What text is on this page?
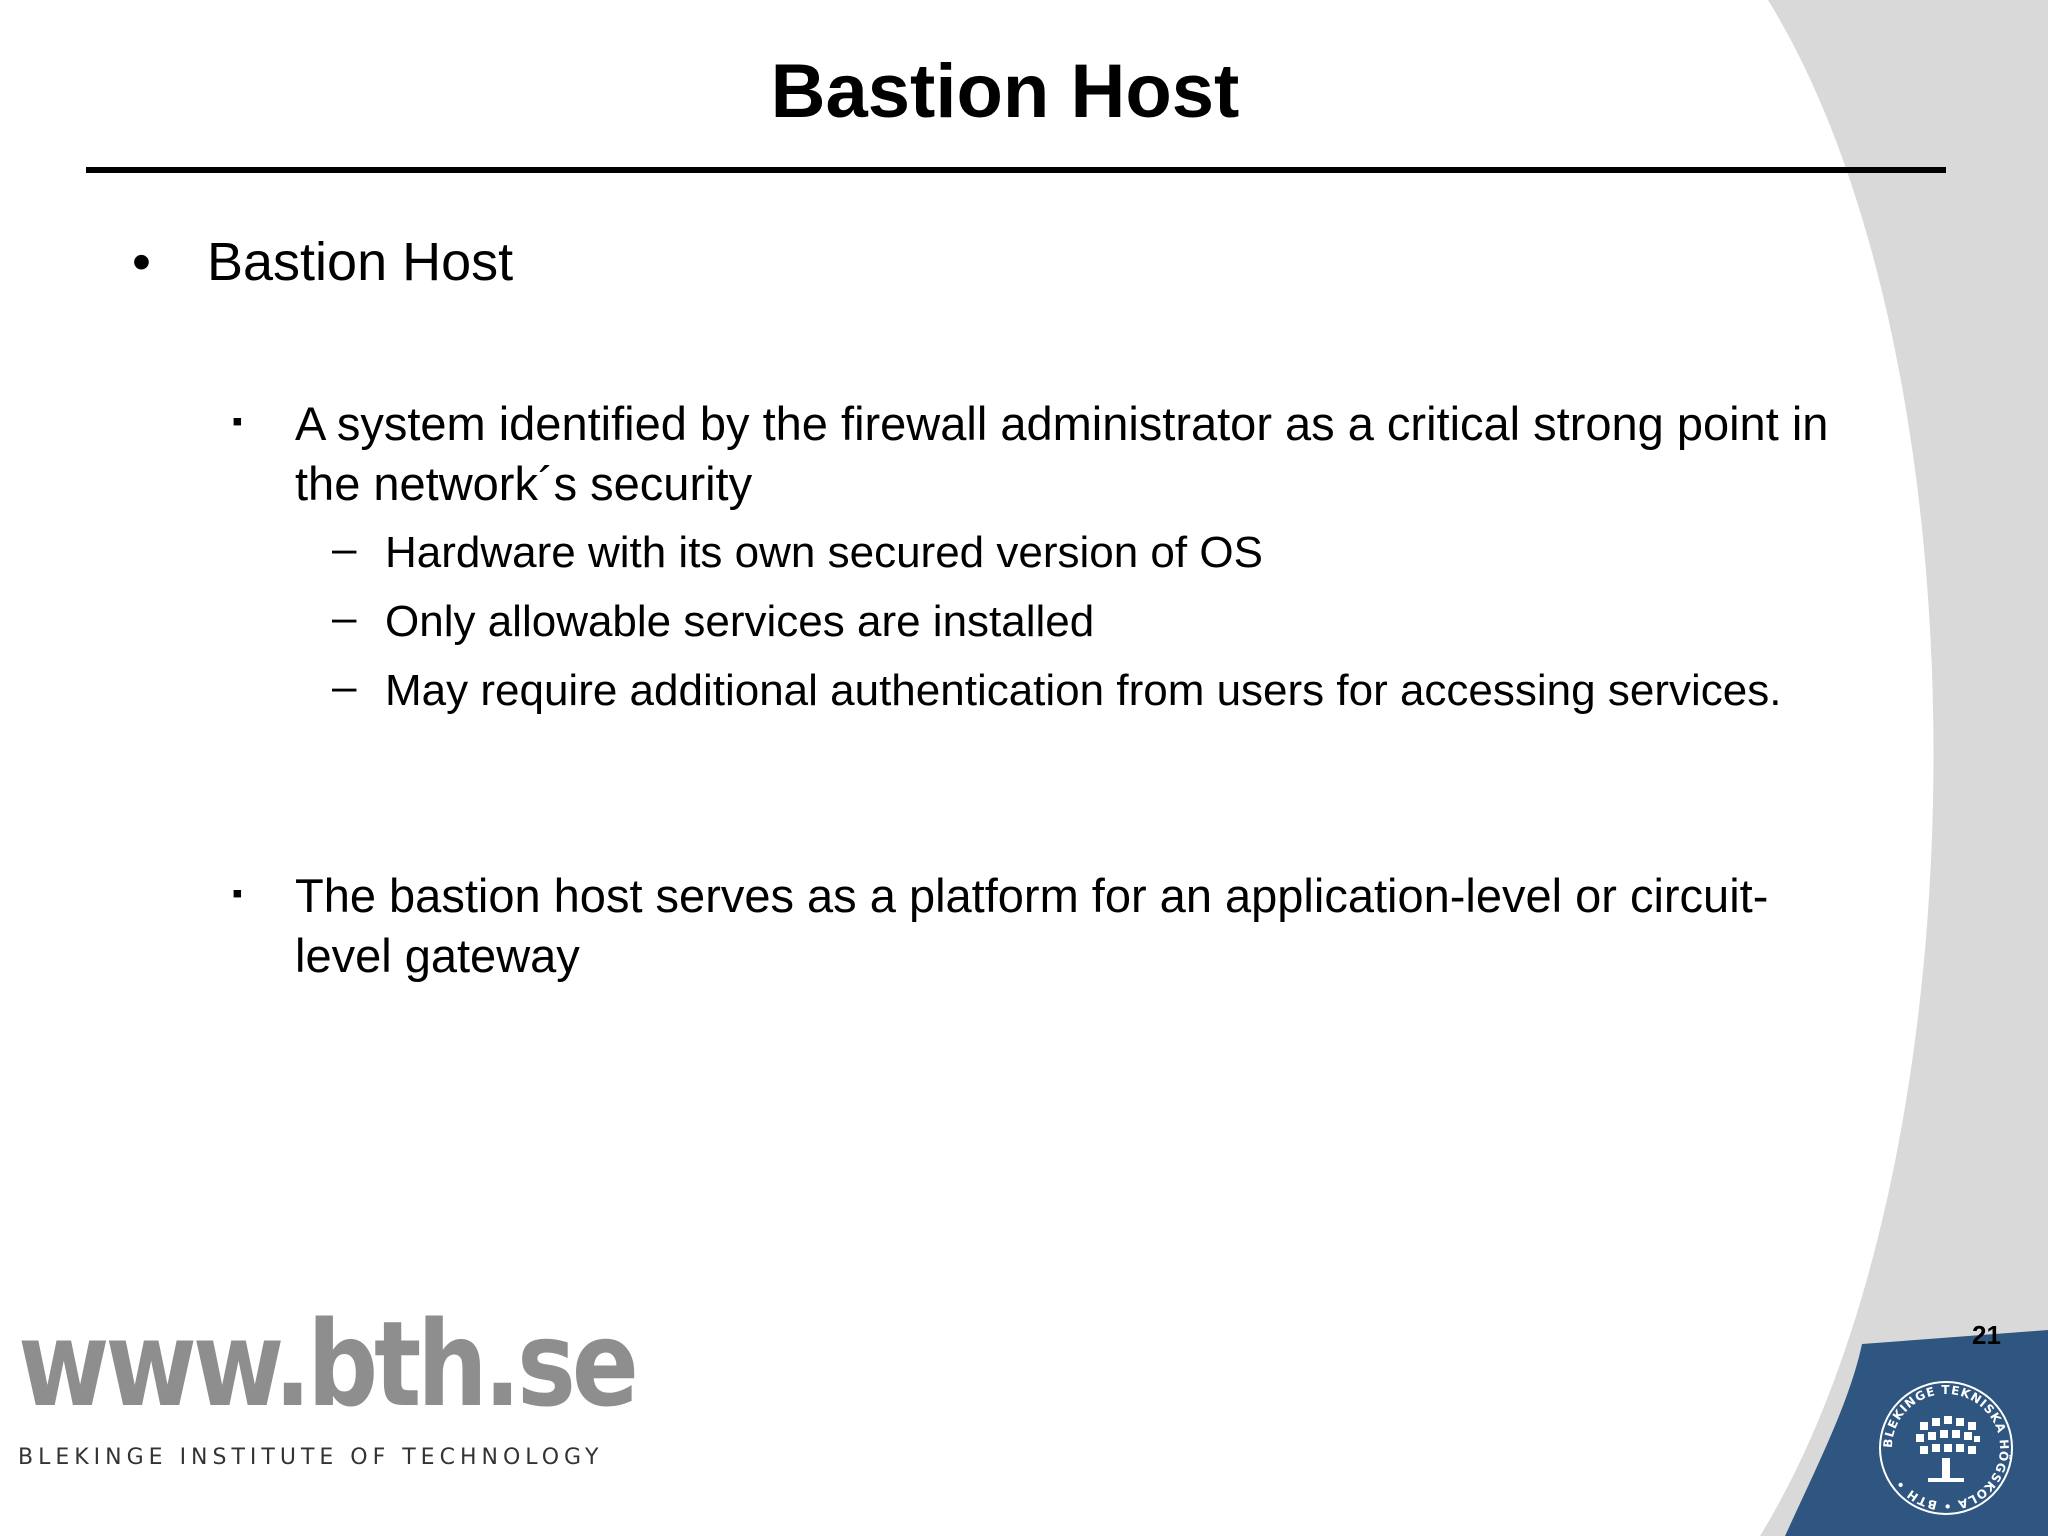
Bastion Host
• Bastion Host
▪ A system identified by the firewall administrator as a critical strong point in the network´s security
– Hardware with its own secured version of OS
– Only allowable services are installed
– May require additional authentication from users for accessing services.
▪ The bastion host serves as a platform for an application-level or circuit-level gateway
www.bth.se
BLEKINGE INSTITUTE OF TECHNOLOGY
21
BLEKINGE TEKNISKA HÖGSKOLA • BTH •
